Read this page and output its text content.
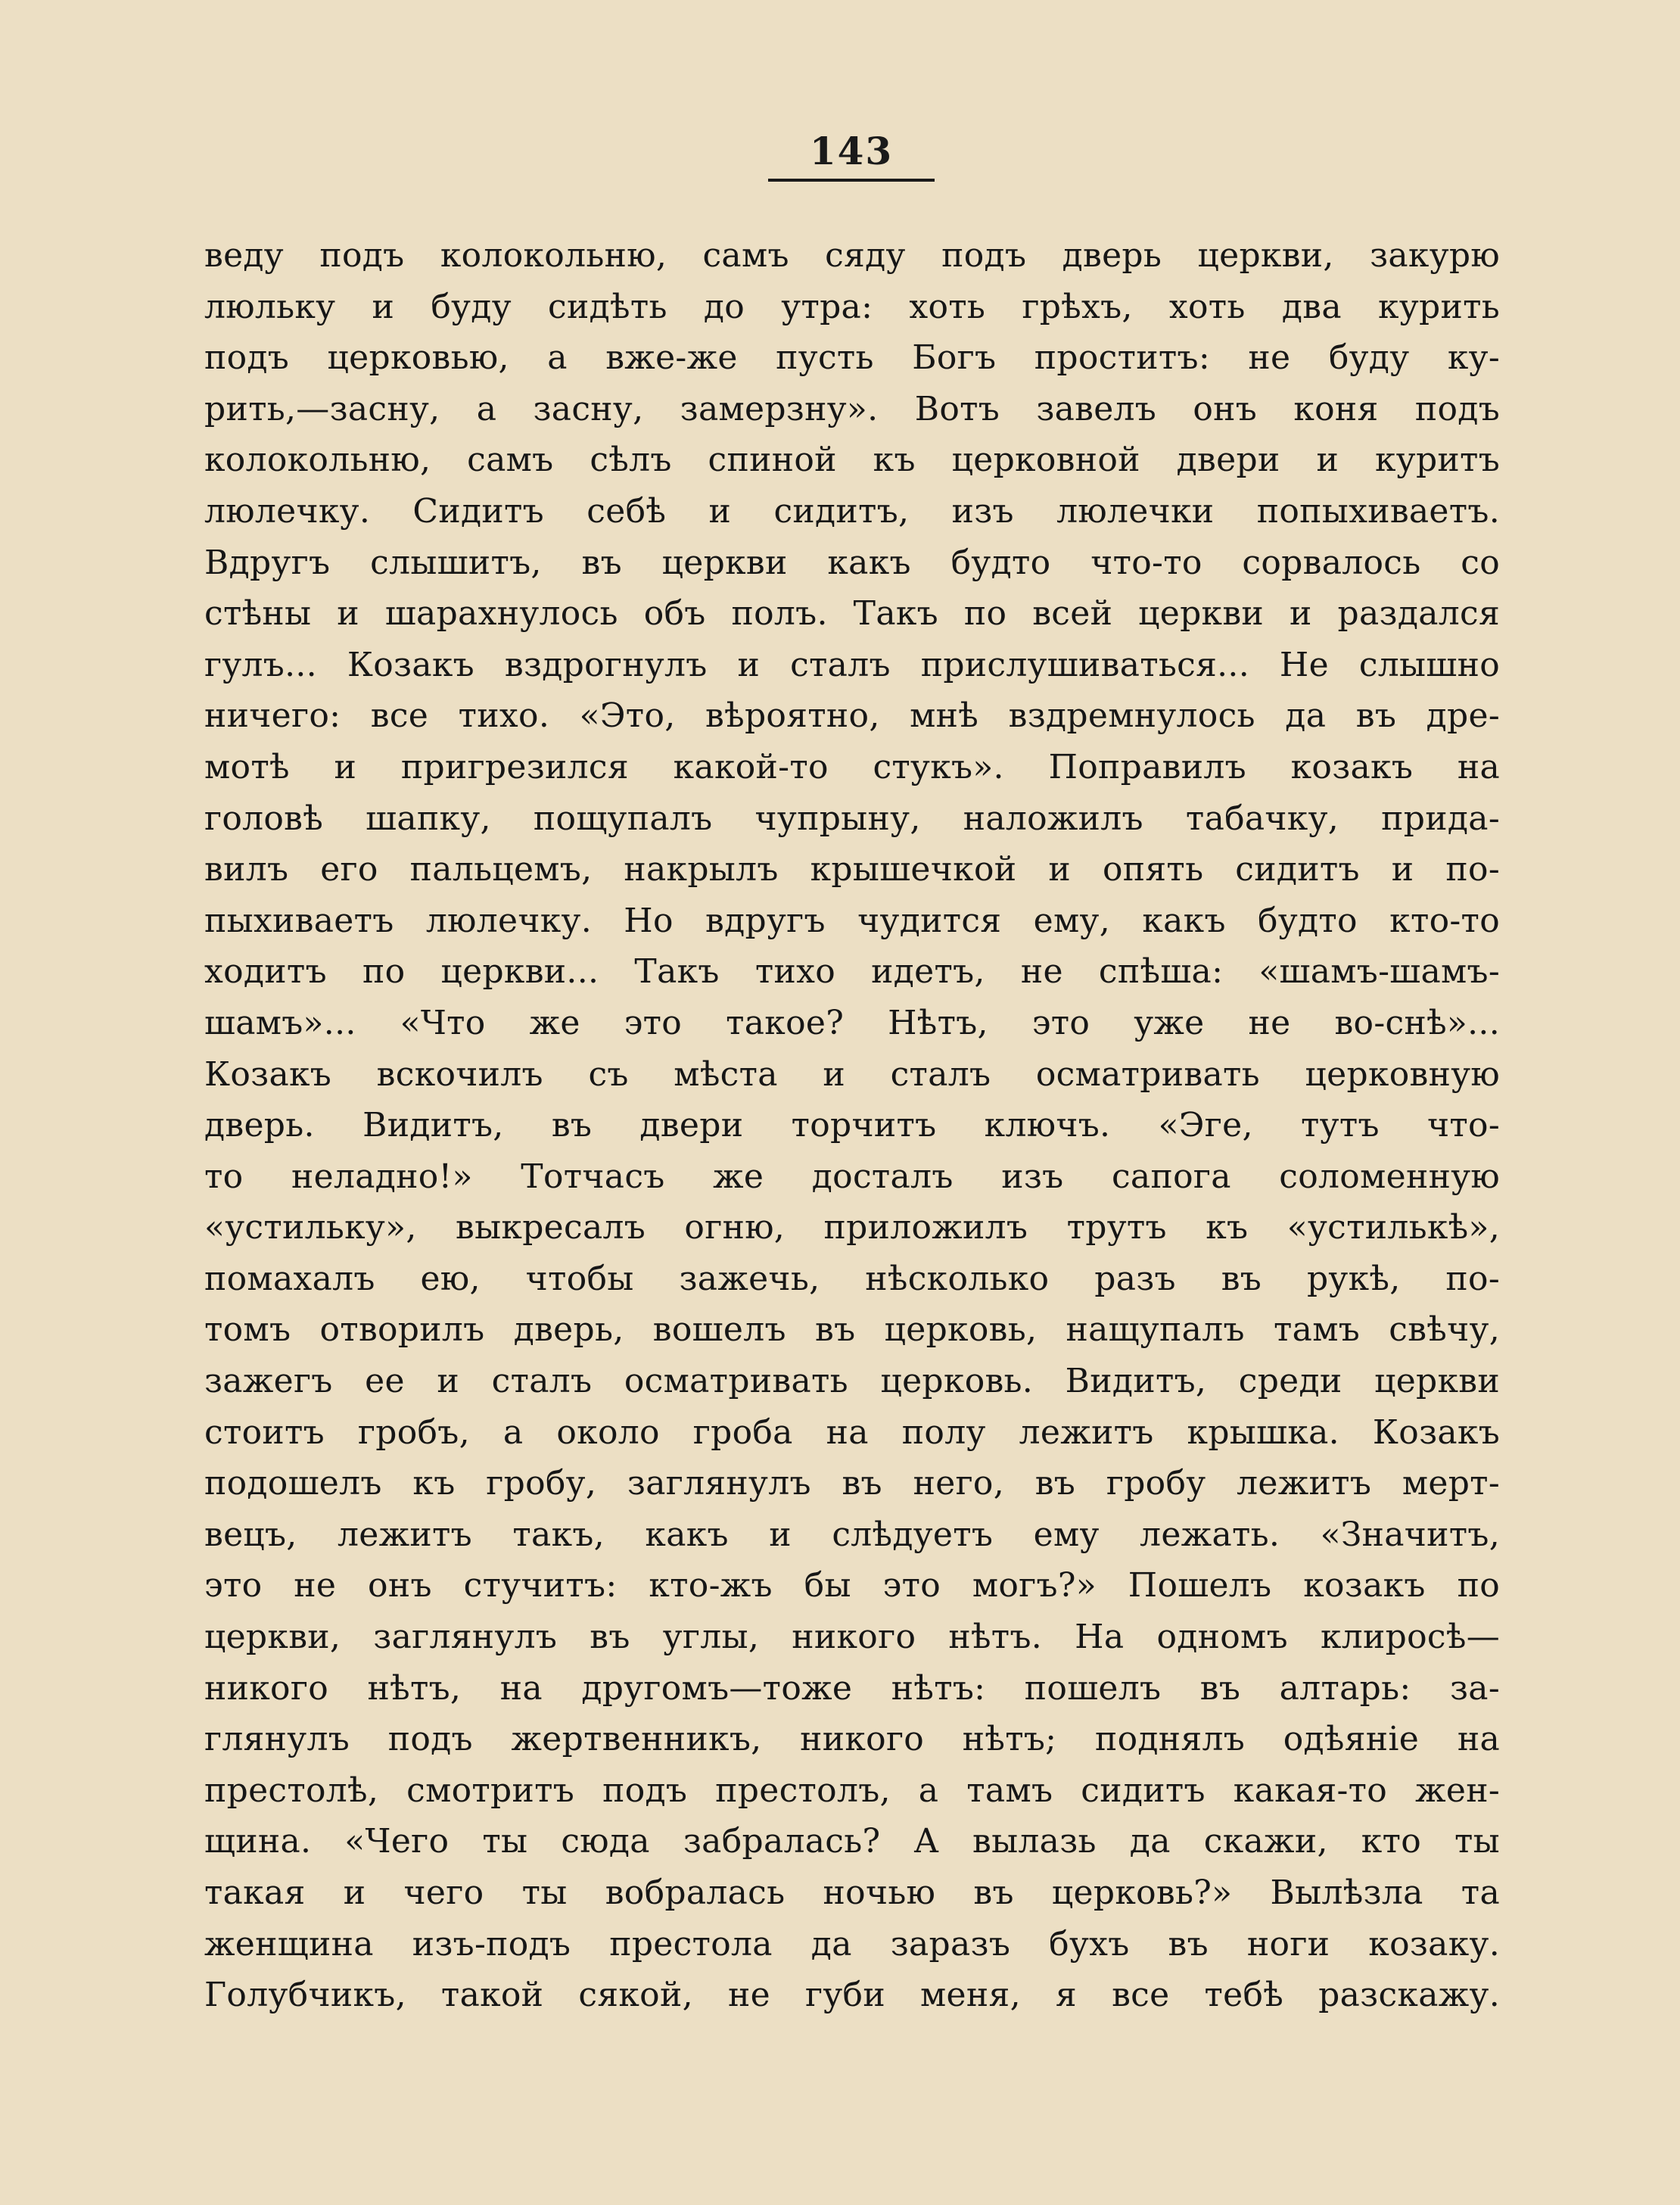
143
веду подъ колокольню, самъ сяду подъ дверь церкви, закурю
люльку и буду сидѣть до утра: хоть грѣхъ, хоть два курить
подъ церковью, а вже-же пусть Богъ проститъ: не буду ку-
рить,—засну, а засну, замерзну». Вотъ завелъ онъ коня подъ
колокольню, самъ сѣлъ спиной къ церковной двери и куритъ
люлечку. Сидитъ себѣ и сидитъ, изъ люлечки попыхиваетъ.
Вдругъ слышитъ, въ церкви какъ будто что-то сорвалось со
стѣны и шарахнулось объ полъ. Такъ по всей церкви и раздался
гулъ... Козакъ вздрогнулъ и сталъ прислушиваться... Не слышно
ничего: все тихо. «Это, вѣроятно, мнѣ вздремнулось да въ дре-
мотѣ и пригрезился какой-то стукъ». Поправилъ козакъ на
головѣ шапку, пощупалъ чупрыну, наложилъ табачку, прида-
вилъ его пальцемъ, накрылъ крышечкой и опять сидитъ и по-
пыхиваетъ люлечку. Но вдругъ чудится ему, какъ будто кто-то
ходитъ по церкви... Такъ тихо идетъ, не спѣша: «шамъ-шамъ-
шамъ»... «Что же это такое? Нѣтъ, это уже не во-снѣ»...
Козакъ вскочилъ съ мѣста и сталъ осматривать церковную
дверь. Видитъ, въ двери торчитъ ключъ. «Эге, тутъ что-
то неладно!» Тотчасъ же досталъ изъ сапога соломенную
«устильку», выкресалъ огню, приложилъ трутъ къ «устилькѣ»,
помахалъ ею, чтобы зажечь, нѣсколько разъ въ рукѣ, по-
томъ отворилъ дверь, вошелъ въ церковь, нащупалъ тамъ свѣчу,
зажегъ ее и сталъ осматривать церковь. Видитъ, среди церкви
стоитъ гробъ, а около гроба на полу лежитъ крышка. Козакъ
подошелъ къ гробу, заглянулъ въ него, въ гробу лежитъ мерт-
вецъ, лежитъ такъ, какъ и слѣдуетъ ему лежать. «Значитъ,
это не онъ стучитъ: кто-жъ бы это могъ?» Пошелъ козакъ по
церкви, заглянулъ въ углы, никого нѣтъ. На одномъ клиросѣ—
никого нѣтъ, на другомъ—тоже нѣтъ: пошелъ въ алтарь: за-
глянулъ подъ жертвенникъ, никого нѣтъ; поднялъ одѣяніе на
престолѣ, смотритъ подъ престолъ, а тамъ сидитъ какая-то жен-
щина. «Чего ты сюда забралась? А вылазь да скажи, кто ты
такая и чего ты вобралась ночью въ церковь?» Вылѣзла та
женщина изъ-подъ престола да заразъ бухъ въ ноги козаку.
Голубчикъ, такой сякой, не губи меня, я все тебѣ разскажу.
